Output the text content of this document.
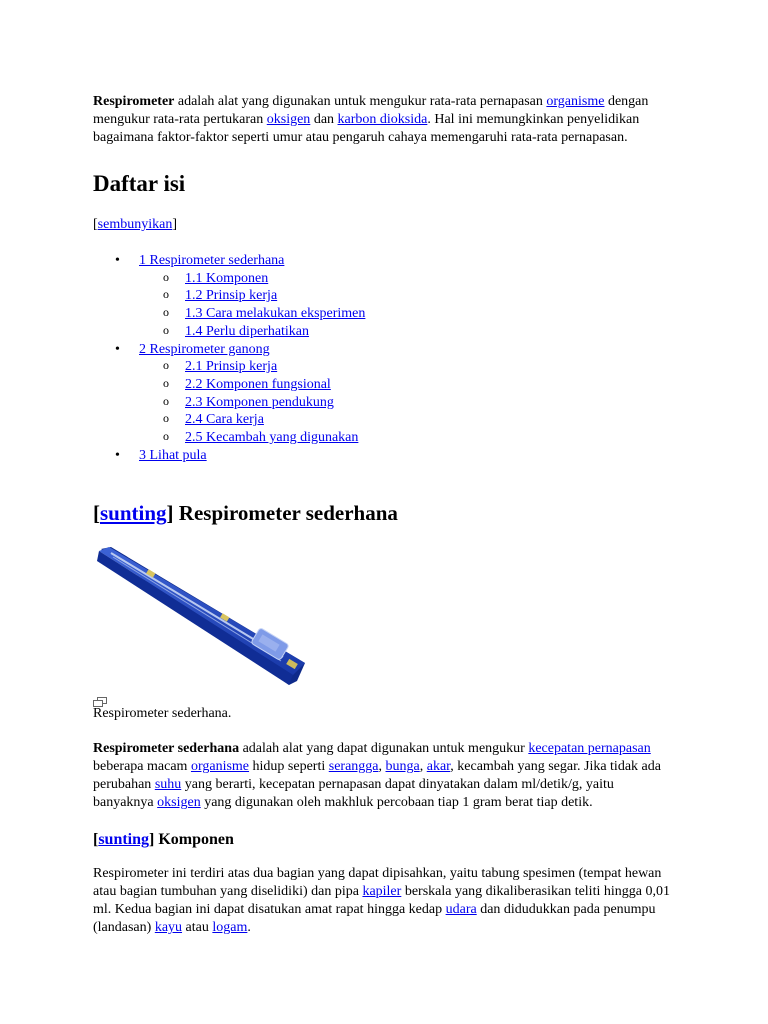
Respirometer adalah alat yang digunakan untuk mengukur rata-rata pernapasan organisme dengan mengukur rata-rata pertukaran oksigen dan karbon dioksida. Hal ini memungkinkan penyelidikan bagaimana faktor-faktor seperti umur atau pengaruh cahaya memengaruhi rata-rata pernapasan.

Daftar isi

[sembunyikan]

• 1 Respirometer sederhana
o 1.1 Komponen
o 1.2 Prinsip kerja
o 1.3 Cara melakukan eksperimen
o 1.4 Perlu diperhatikan
• 2 Respirometer ganong
o 2.1 Prinsip kerja
o 2.2 Komponen fungsional
o 2.3 Komponen pendukung
o 2.4 Cara kerja
o 2.5 Kecambah yang digunakan
• 3 Lihat pula
[sunting] Respirometer sederhana

Respirometer sederhana.

Respirometer sederhana adalah alat yang dapat digunakan untuk mengukur kecepatan pernapasan beberapa macam organisme hidup seperti serangga, bunga, akar, kecambah yang segar. Jika tidak ada perubahan suhu yang berarti, kecepatan pernapasan dapat dinyatakan dalam ml/detik/g, yaitu banyaknya oksigen yang digunakan oleh makhluk percobaan tiap 1 gram berat tiap detik.

[sunting] Komponen

Respirometer ini terdiri atas dua bagian yang dapat dipisahkan, yaitu tabung spesimen (tempat hewan atau bagian tumbuhan yang diselidiki) dan pipa kapiler berskala yang dikaliberasikan teliti hingga 0,01 ml. Kedua bagian ini dapat disatukan amat rapat hingga kedap udara dan didudukkan pada penumpu (landasan) kayu atau logam.
